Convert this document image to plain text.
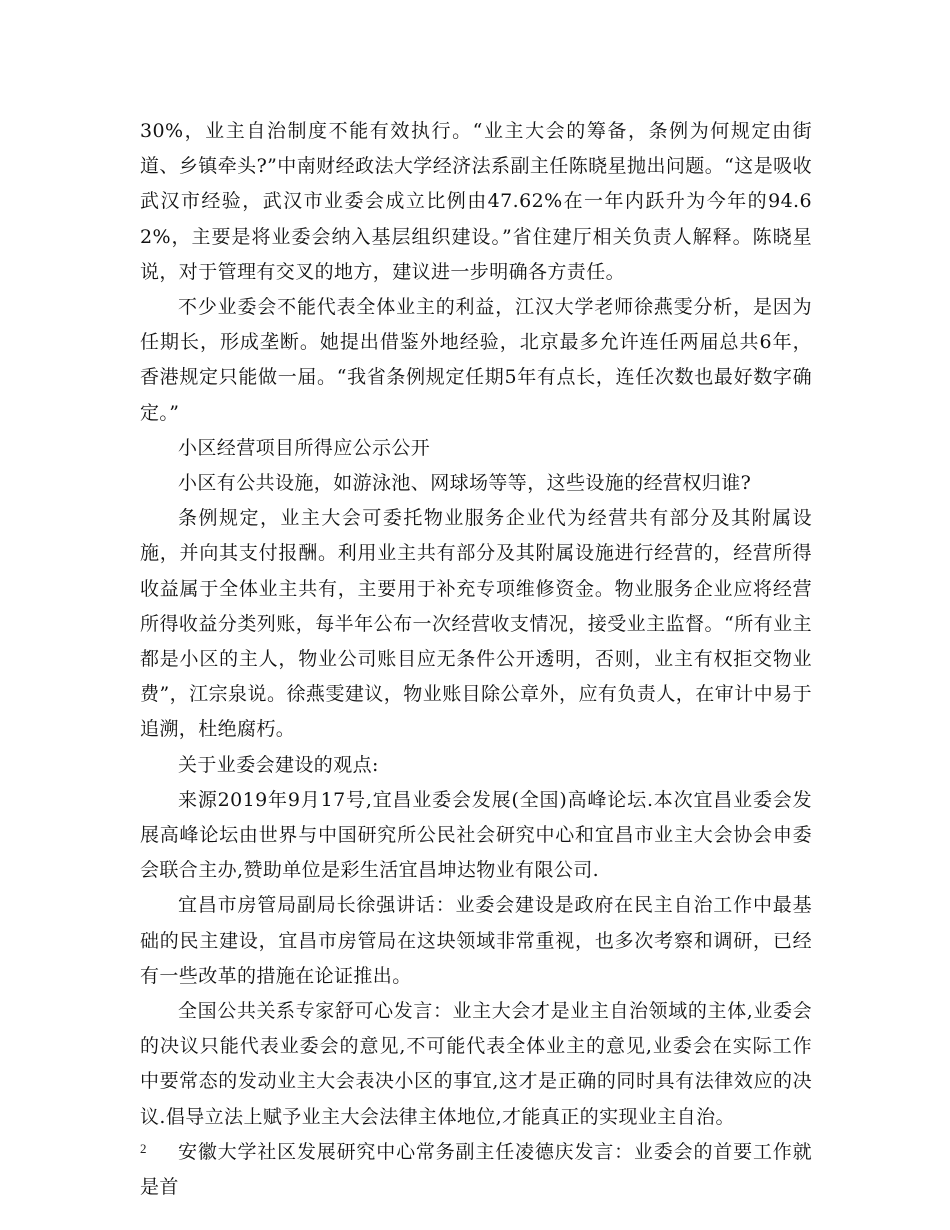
30%，业主自治制度不能有效执行。“业主大会的筹备，条例为何规定由街道、乡镇牵头?”中南财经政法大学经济法系副主任陈晓星抛出问题。“这是吸收武汉市经验，武汉市业委会成立比例由47.62%在一年内跃升为今年的94.62%，主要是将业委会纳入基层组织建设。”省住建厅相关负责人解释。陈晓星说，对于管理有交叉的地方，建议进一步明确各方责任。

不少业委会不能代表全体业主的利益，江汉大学老师徐燕雯分析，是因为任期长，形成垄断。她提出借鉴外地经验，北京最多允许连任两届总共6年，香港规定只能做一届。“我省条例规定任期5年有点长，连任次数也最好数字确定。”

小区经营项目所得应公示公开

小区有公共设施，如游泳池、网球场等等，这些设施的经营权归谁?

条例规定，业主大会可委托物业服务企业代为经营共有部分及其附属设施，并向其支付报酬。利用业主共有部分及其附属设施进行经营的，经营所得收益属于全体业主共有，主要用于补充专项维修资金。物业服务企业应将经营所得收益分类列账，每半年公布一次经营收支情况，接受业主监督。“所有业主都是小区的主人，物业公司账目应无条件公开透明，否则，业主有权拒交物业费”，江宗泉说。徐燕雯建议，物业账目除公章外，应有负责人，在审计中易于追溯，杜绝腐朽。

关于业委会建设的观点:

来源2019年9月17号,宜昌业委会发展(全国)高峰论坛.本次宜昌业委会发展高峰论坛由世界与中国研究所公民社会研究中心和宜昌市业主大会协会申委会联合主办,赞助单位是彩生活宜昌坤达物业有限公司.

宜昌市房管局副局长徐强讲话：业委会建设是政府在民主自治工作中最基础的民主建设，宜昌市房管局在这块领域非常重视，也多次考察和调研，已经有一些改革的措施在论证推出。

全国公共关系专家舒可心发言：业主大会才是业主自治领域的主体,业委会的决议只能代表业委会的意见,不可能代表全体业主的意见,业委会在实际工作中要常态的发动业主大会表决小区的事宜,这才是正确的同时具有法律效应的决议.倡导立法上赋予业主大会法律主体地位,才能真正的实现业主自治。

安徽大学社区发展研究中心常务副主任凌德庆发言：业委会的首要工作就是首

2
